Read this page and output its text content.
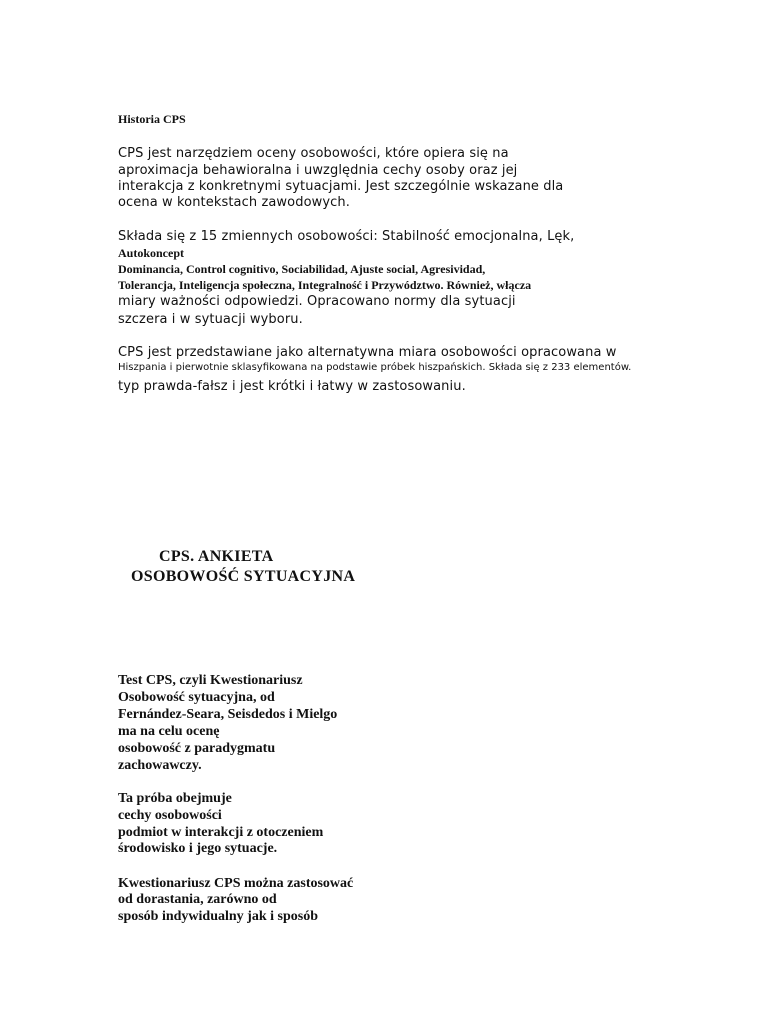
Historia CPS

CPS jest narzędziem oceny osobowości, które opiera się na

aproximacja behawioralna i uwzględnia cechy osoby oraz jej

interakcja z konkretnymi sytuacjami. Jest szczególnie wskazane dla

ocena w kontekstach zawodowych.

Składa się z 15 zmiennych osobowości: Stabilność emocjonalna, Lęk,

Autokoncept

Dominancia, Control cognitivo, Sociabilidad, Ajuste social, Agresividad,

Tolerancja, Inteligencja społeczna, Integralność i Przywództwo. Również, włącza

miary ważności odpowiedzi. Opracowano normy dla sytuacji

szczera i w sytuacji wyboru.

CPS jest przedstawiane jako alternatywna miara osobowości opracowana w

Hiszpania i pierwotnie sklasyfikowana na podstawie próbek hiszpańskich. Składa się z 233 elementów.

typ prawda-fałsz i jest krótki i łatwy w zastosowaniu.

CPS. ANKIETA

OSOBOWOŚĆ SYTUACYJNA

Test CPS, czyli Kwestionariusz

Osobowość sytuacyjna, od

Fernández-Seara, Seisdedos i Mielgo

ma na celu ocenę

osobowość z paradygmatu

zachowawczy.

Ta próba obejmuje

cechy osobowości

podmiot w interakcji z otoczeniem

środowisko i jego sytuacje.

Kwestionariusz CPS można zastosować

od dorastania, zarówno od

sposób indywidualny jak i sposób
